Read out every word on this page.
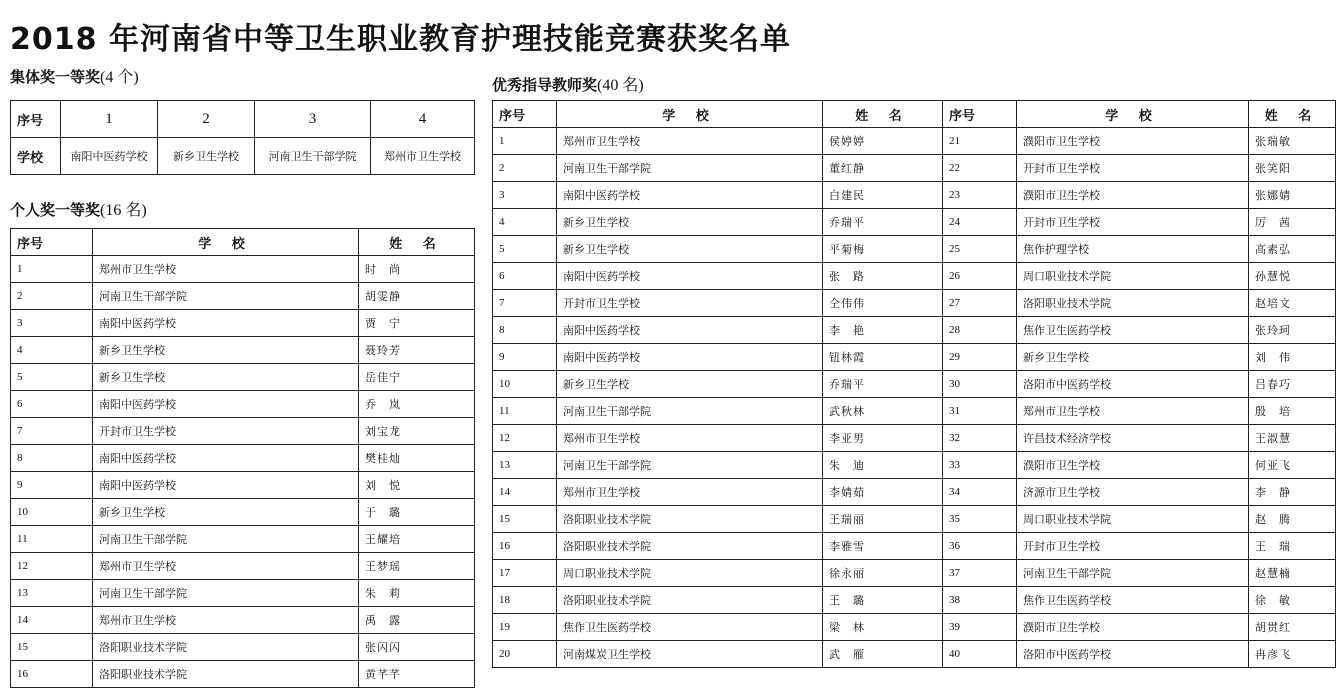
2018 年河南省中等卫生职业教育护理技能竞赛获奖名单
集体奖一等奖(4 个)
序号	1	2	3	4
学校	南阳中医药学校	新乡卫生学校	河南卫生干部学院	郑州市卫生学校
个人奖一等奖(16 名)
序号	学 校	姓 名
1	郑州市卫生学校	时　尚
2	河南卫生干部学院	胡雯静
3	南阳中医药学校	贾　宁
4	新乡卫生学校	聂玲芳
5	新乡卫生学校	岳佳宁
6	南阳中医药学校	乔　岚
7	开封市卫生学校	刘宝龙
8	南阳中医药学校	樊桂灿
9	南阳中医药学校	刘　悦
10	新乡卫生学校	于　璐
11	河南卫生干部学院	王耀培
12	郑州市卫生学校	王梦瑶
13	河南卫生干部学院	朱　莉
14	郑州市卫生学校	禹　露
15	洛阳职业技术学院	张闪闪
16	洛阳职业技术学院	黄芊芊
优秀指导教师奖(40 名)
序号	学 校	姓 名	序号	学 校	姓 名
1	郑州市卫生学校	侯婷婷	21	濮阳市卫生学校	张瑞敏
2	河南卫生干部学院	董红静	22	开封市卫生学校	张笑阳
3	南阳中医药学校	白建民	23	濮阳市卫生学校	张娜婧
4	新乡卫生学校	乔瑞平	24	开封市卫生学校	厉　茜
5	新乡卫生学校	平菊梅	25	焦作护理学校	高素弘
6	南阳中医药学校	张　路	26	周口职业技术学院	孙慧悦
7	开封市卫生学校	仝伟伟	27	洛阳职业技术学院	赵培文
8	南阳中医药学校	李　艳	28	焦作卫生医药学校	张玲珂
9	南阳中医药学校	钮林霞	29	新乡卫生学校	刘　伟
10	新乡卫生学校	乔瑞平	30	洛阳市中医药学校	吕春巧
11	河南卫生干部学院	武秋林	31	郑州市卫生学校	殷　培
12	郑州市卫生学校	李亚男	32	许昌技术经济学校	王淑慧
13	河南卫生干部学院	朱　迪	33	濮阳市卫生学校	何亚飞
14	郑州市卫生学校	李婧茹	34	济源市卫生学校	李　静
15	洛阳职业技术学院	王瑞丽	35	周口职业技术学院	赵　腾
16	洛阳职业技术学院	李雅雪	36	开封市卫生学校	王　瑞
17	周口职业技术学院	徐永丽	37	河南卫生干部学院	赵慧楠
18	洛阳职业技术学院	王　璐	38	焦作卫生医药学校	徐　敏
19	焦作卫生医药学校	梁　林	39	濮阳市卫生学校	胡贯红
20	河南煤炭卫生学校	武　雁	40	洛阳市中医药学校	冉彦飞
